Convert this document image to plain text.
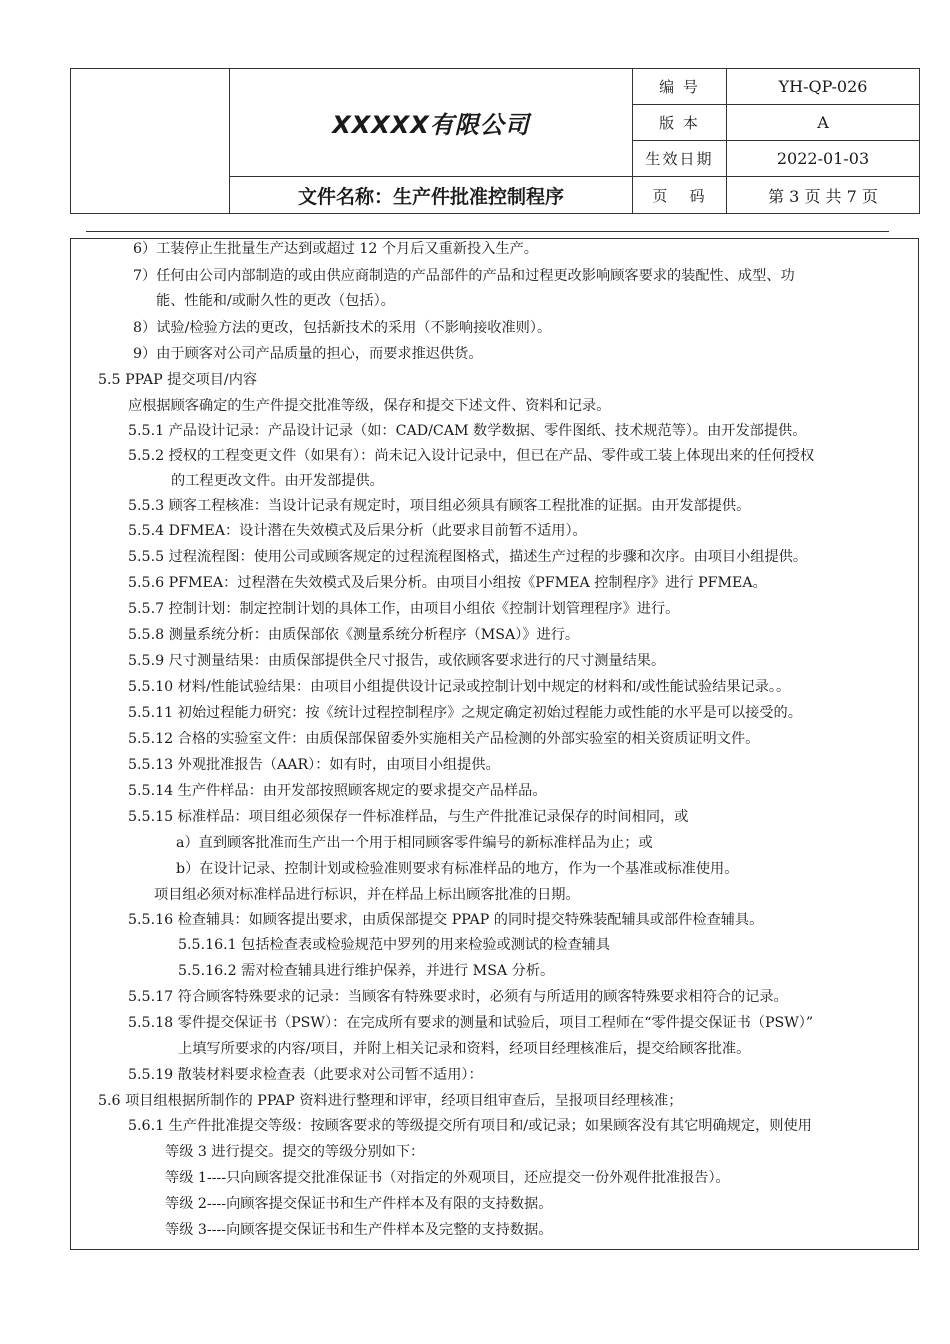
	XXXXX有限公司	编 号	YH-QP-026
		版 本	A
		生效日期	2022-01-03
	文件名称：生产件批准控制程序	页   码	第 3 页 共 7 页
6）工装停止生批量生产达到或超过 12 个月后又重新投入生产。
7）任何由公司内部制造的或由供应商制造的产品部件的产品和过程更改影响顾客要求的装配性、成型、功
能、性能和/或耐久性的更改（包括）。
8）试验/检验方法的更改，包括新技术的采用（不影响接收准则）。
9）由于顾客对公司产品质量的担心，而要求推迟供货。
5.5 PPAP 提交项目/内容
应根据顾客确定的生产件提交批准等级，保存和提交下述文件、资料和记录。
5.5.1 产品设计记录：产品设计记录（如：CAD/CAM 数学数据、零件图纸、技术规范等）。由开发部提供。
5.5.2 授权的工程变更文件（如果有）：尚未记入设计记录中，但已在产品、零件或工装上体现出来的任何授权
的工程更改文件。由开发部提供。
5.5.3 顾客工程核准：当设计记录有规定时，项目组必须具有顾客工程批准的证据。由开发部提供。
5.5.4 DFMEA：设计潜在失效模式及后果分析（此要求目前暂不适用）。
5.5.5 过程流程图：使用公司或顾客规定的过程流程图格式，描述生产过程的步骤和次序。由项目小组提供。
5.5.6 PFMEA：过程潜在失效模式及后果分析。由项目小组按《PFMEA 控制程序》进行 PFMEA。
5.5.7 控制计划：制定控制计划的具体工作，由项目小组依《控制计划管理程序》进行。
5.5.8 测量系统分析：由质保部依《测量系统分析程序（MSA）》进行。
5.5.9 尺寸测量结果：由质保部提供全尺寸报告，或依顾客要求进行的尺寸测量结果。
5.5.10 材料/性能试验结果：由项目小组提供设计记录或控制计划中规定的材料和/或性能试验结果记录。。
5.5.11 初始过程能力研究：按《统计过程控制程序》之规定确定初始过程能力或性能的水平是可以接受的。
5.5.12 合格的实验室文件：由质保部保留委外实施相关产品检测的外部实验室的相关资质证明文件。
5.5.13 外观批准报告（AAR）：如有时，由项目小组提供。
5.5.14 生产件样品：由开发部按照顾客规定的要求提交产品样品。
5.5.15 标准样品：项目组必须保存一件标准样品，与生产件批准记录保存的时间相同，或
a）直到顾客批准而生产出一个用于相同顾客零件编号的新标准样品为止；或
b）在设计记录、控制计划或检验准则要求有标准样品的地方，作为一个基准或标准使用。
项目组必须对标准样品进行标识，并在样品上标出顾客批准的日期。
5.5.16 检查辅具：如顾客提出要求，由质保部提交 PPAP 的同时提交特殊装配辅具或部件检查辅具。
5.5.16.1 包括检查表或检验规范中罗列的用来检验或测试的检查辅具
5.5.16.2 需对检查辅具进行维护保养，并进行 MSA 分析。
5.5.17 符合顾客特殊要求的记录：当顾客有特殊要求时，必须有与所适用的顾客特殊要求相符合的记录。
5.5.18 零件提交保证书（PSW）：在完成所有要求的测量和试验后，项目工程师在“零件提交保证书（PSW）”
上填写所要求的内容/项目，并附上相关记录和资料，经项目经理核准后，提交给顾客批准。
5.5.19 散装材料要求检查表（此要求对公司暂不适用）：
5.6 项目组根据所制作的 PPAP 资料进行整理和评审，经项目组审查后，呈报项目经理核准；
5.6.1 生产件批准提交等级：按顾客要求的等级提交所有项目和/或记录；如果顾客没有其它明确规定，则使用
等级 3 进行提交。提交的等级分别如下：
等级 1----只向顾客提交批准保证书（对指定的外观项目，还应提交一份外观件批准报告）。
等级 2----向顾客提交保证书和生产件样本及有限的支持数据。
等级 3----向顾客提交保证书和生产件样本及完整的支持数据。
